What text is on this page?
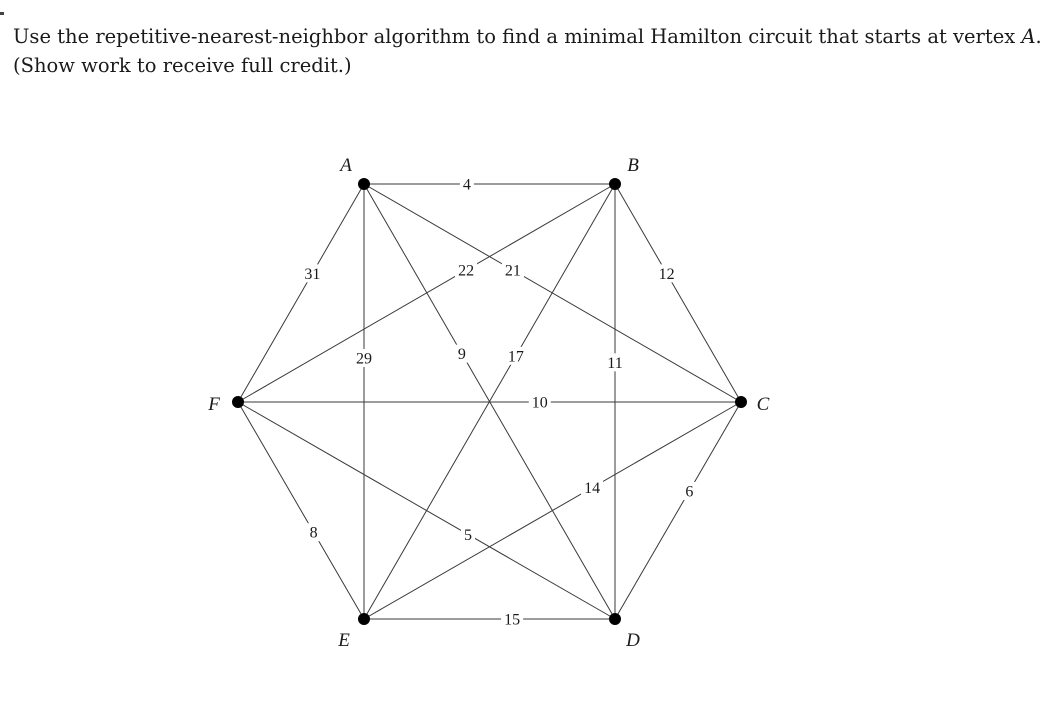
Use the repetitive-nearest-neighbor algorithm to find a minimal Hamilton circuit that starts at vertex A.
(Show work to receive full credit.)
4
21
9
29
31	12
11
17
22
6
14
10
15
5
8
A	B
C
D
E
F
